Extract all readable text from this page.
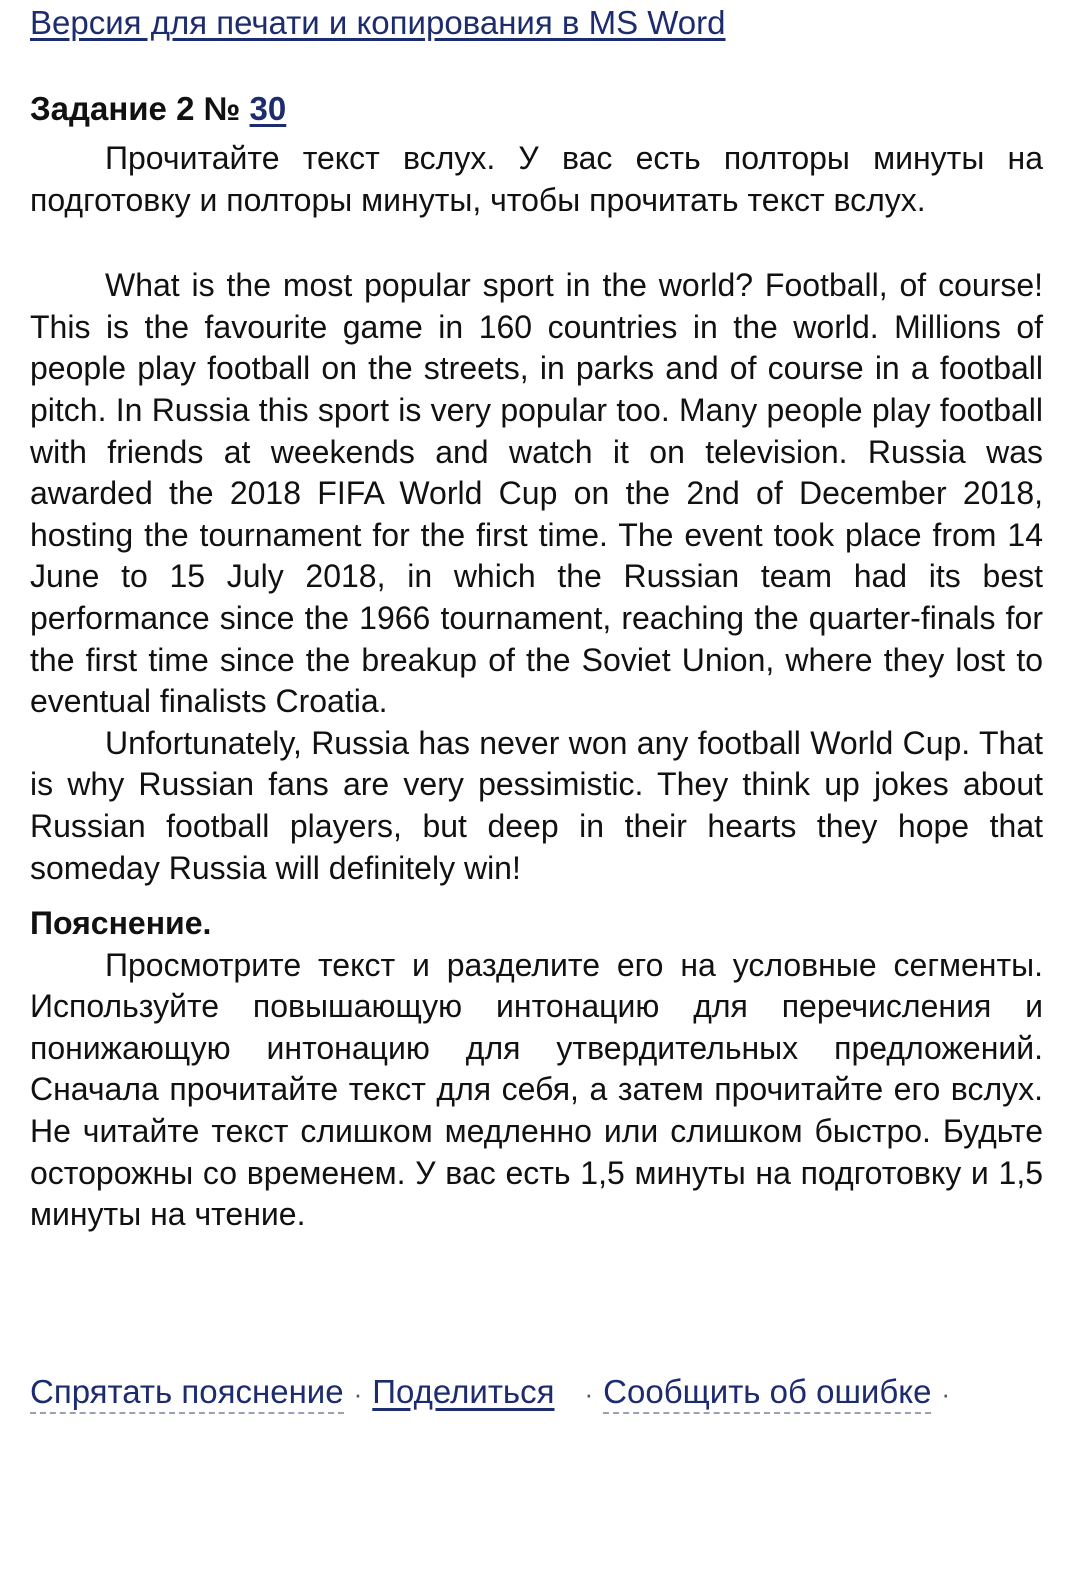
Версия для печати и копирования в MS Word
Задание 2 № 30

Прочитайте текст вслух. У вас есть полторы минуты на подготовку и полторы минуты, чтобы прочитать текст вслух.

What is the most popular sport in the world? Football, of course! This is the favourite game in 160 countries in the world. Millions of people play football on the streets, in parks and of course in a football pitch. In Russia this sport is very popular too. Many people play football with friends at weekends and watch it on television. Russia was awarded the 2018 FIFA World Cup on the 2nd of December 2018, hosting the tournament for the first time. The event took place from 14 June to 15 July 2018, in which the Russian team had its best performance since the 1966 tournament, reaching the quarter-finals for the first time since the breakup of the Soviet Union, where they lost to eventual finalists Croatia.

Unfortunately, Russia has never won any football World Cup. That is why Russian fans are very pessimistic. They think up jokes about Russian football players, but deep in their hearts they hope that someday Russia will definitely win!

Пояснение.

Просмотрите текст и разделите его на условные сегменты. Используйте повышающую интонацию для перечисления и понижающую интонацию для утвердительных предложений. Сначала прочитайте текст для себя, а затем прочитайте его вслух. Не читайте текст слишком медленно или слишком быстро. Будьте осторожны со временем. У вас есть 1,5 минуты на подготовку и 1,5 минуты на чтение.

Спрятать пояснение · Поделиться · Сообщить об ошибке ·
